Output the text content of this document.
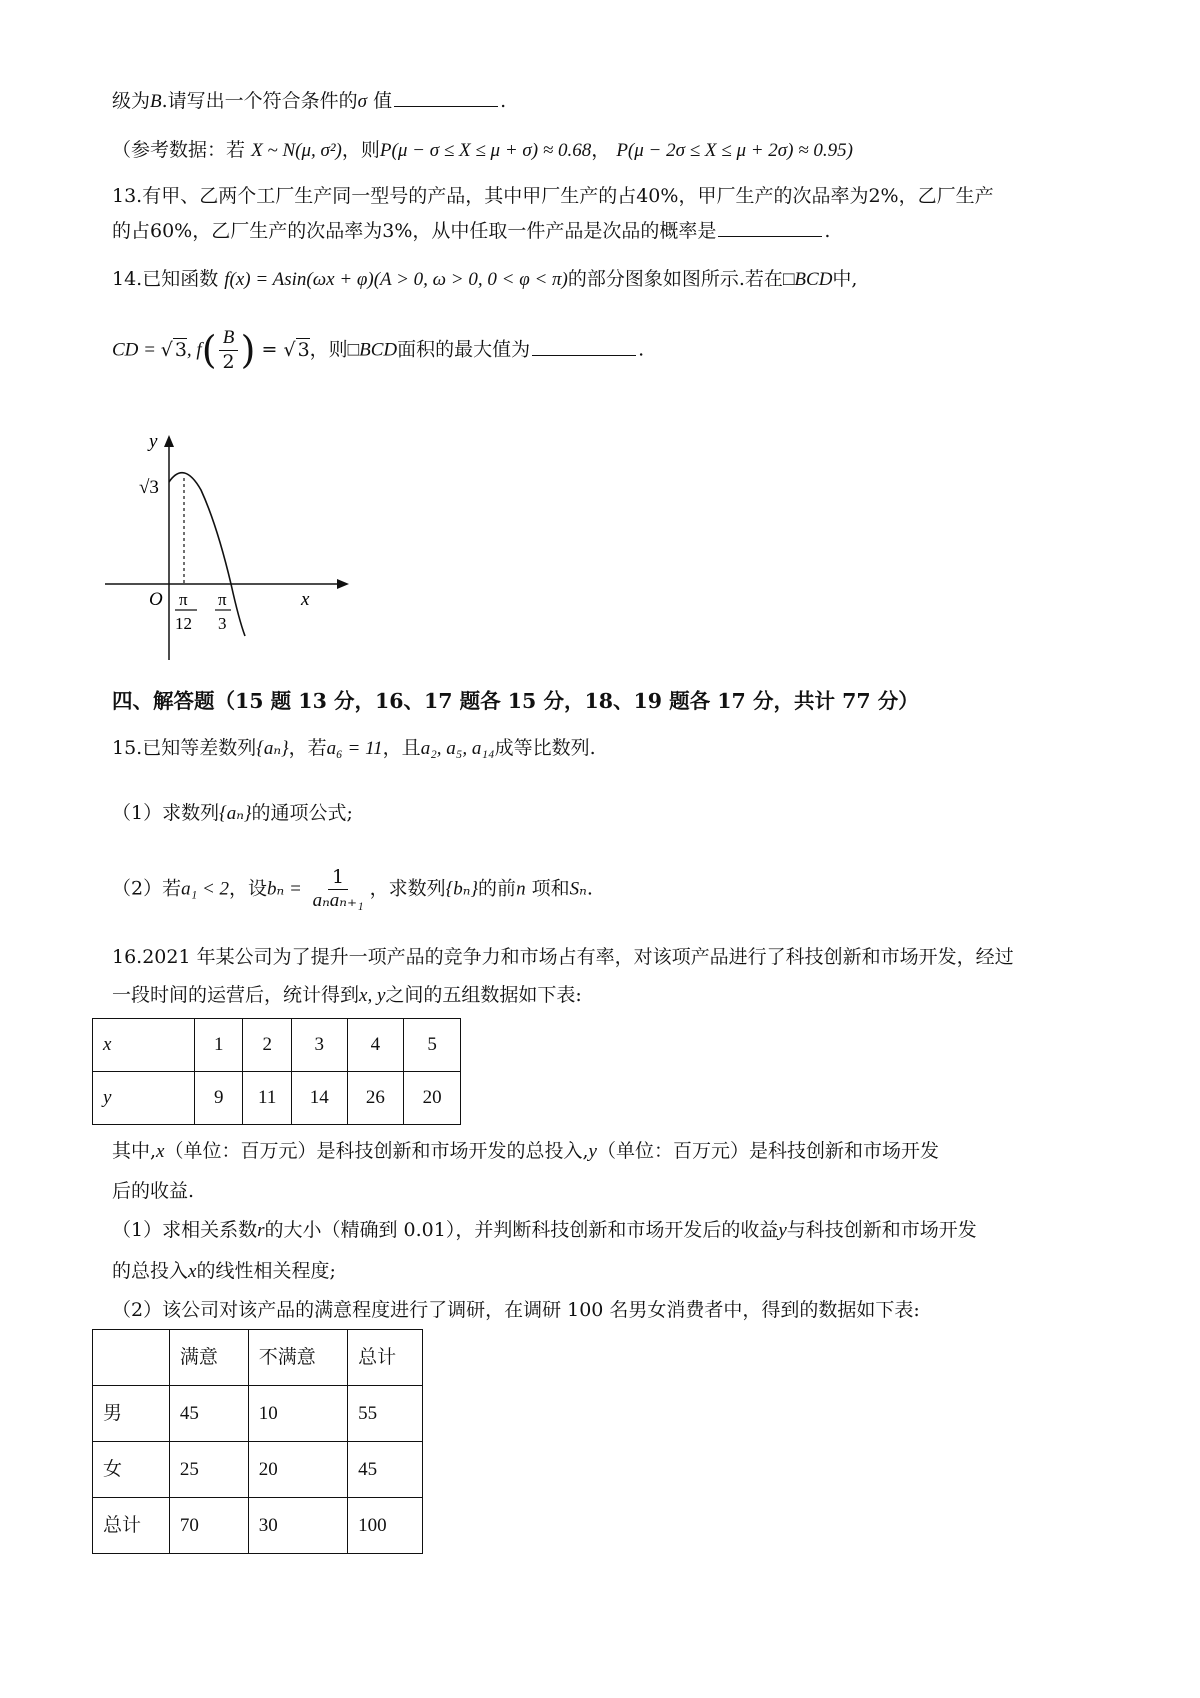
级为B.请写出一个符合条件的σ 值	.
（参考数据：若 X ~ N(μ, σ²)，则P(μ − σ ≤ X ≤ μ + σ) ≈ 0.68， P(μ − 2σ ≤ X ≤ μ + 2σ) ≈ 0.95)
13.有甲、乙两个工厂生产同一型号的产品，其中甲厂生产的占40%，甲厂生产的次品率为2%，乙厂生产
的占60%，乙厂生产的次品率为3%，从中任取一件产品是次品的概率是	.
14.已知函数 f(x) = Asin(ωx + φ)(A > 0, ω > 0, 0 < φ < π)的部分图象如图所示.若在□BCD中,
CD = √ 3, $f( \frac{B}{2}$ ) = √ 3，则□BCD面积的最大值为	.
y
x
O
√3
π
12
π
3
四、解答题（15 题 13 分，16、17 题各 15 分，18、19 题各 17 分，共计 77 分）
15.已知等差数列{aₙ}，若a₆ = 11，且a₂, a₅, a₁₄成等比数列.
（1）求数列{aₙ}的通项公式;
（2）若a₁ < 2，设$b_n = \frac{1}{\text{aₙaₙ₊₁}}$ ，求数列{bₙ}的前n 项和Sₙ.
16.2021 年某公司为了提升一项产品的竞争力和市场占有率，对该项产品进行了科技创新和市场开发，经过
一段时间的运营后，统计得到x, y之间的五组数据如下表:
x	1	2	3	4	5
y	9	11	14	26	20
其中,x（单位：百万元）是科技创新和市场开发的总投入,y（单位：百万元）是科技创新和市场开发
后的收益.
（1）求相关系数r的大小（精确到 0.01），并判断科技创新和市场开发后的收益y与科技创新和市场开发
的总投入x的线性相关程度;
（2）该公司对该产品的满意程度进行了调研，在调研 100 名男女消费者中，得到的数据如下表:
	满意	不满意	总计
男	45	10	55
女	25	20	45
总计	70	30	100
